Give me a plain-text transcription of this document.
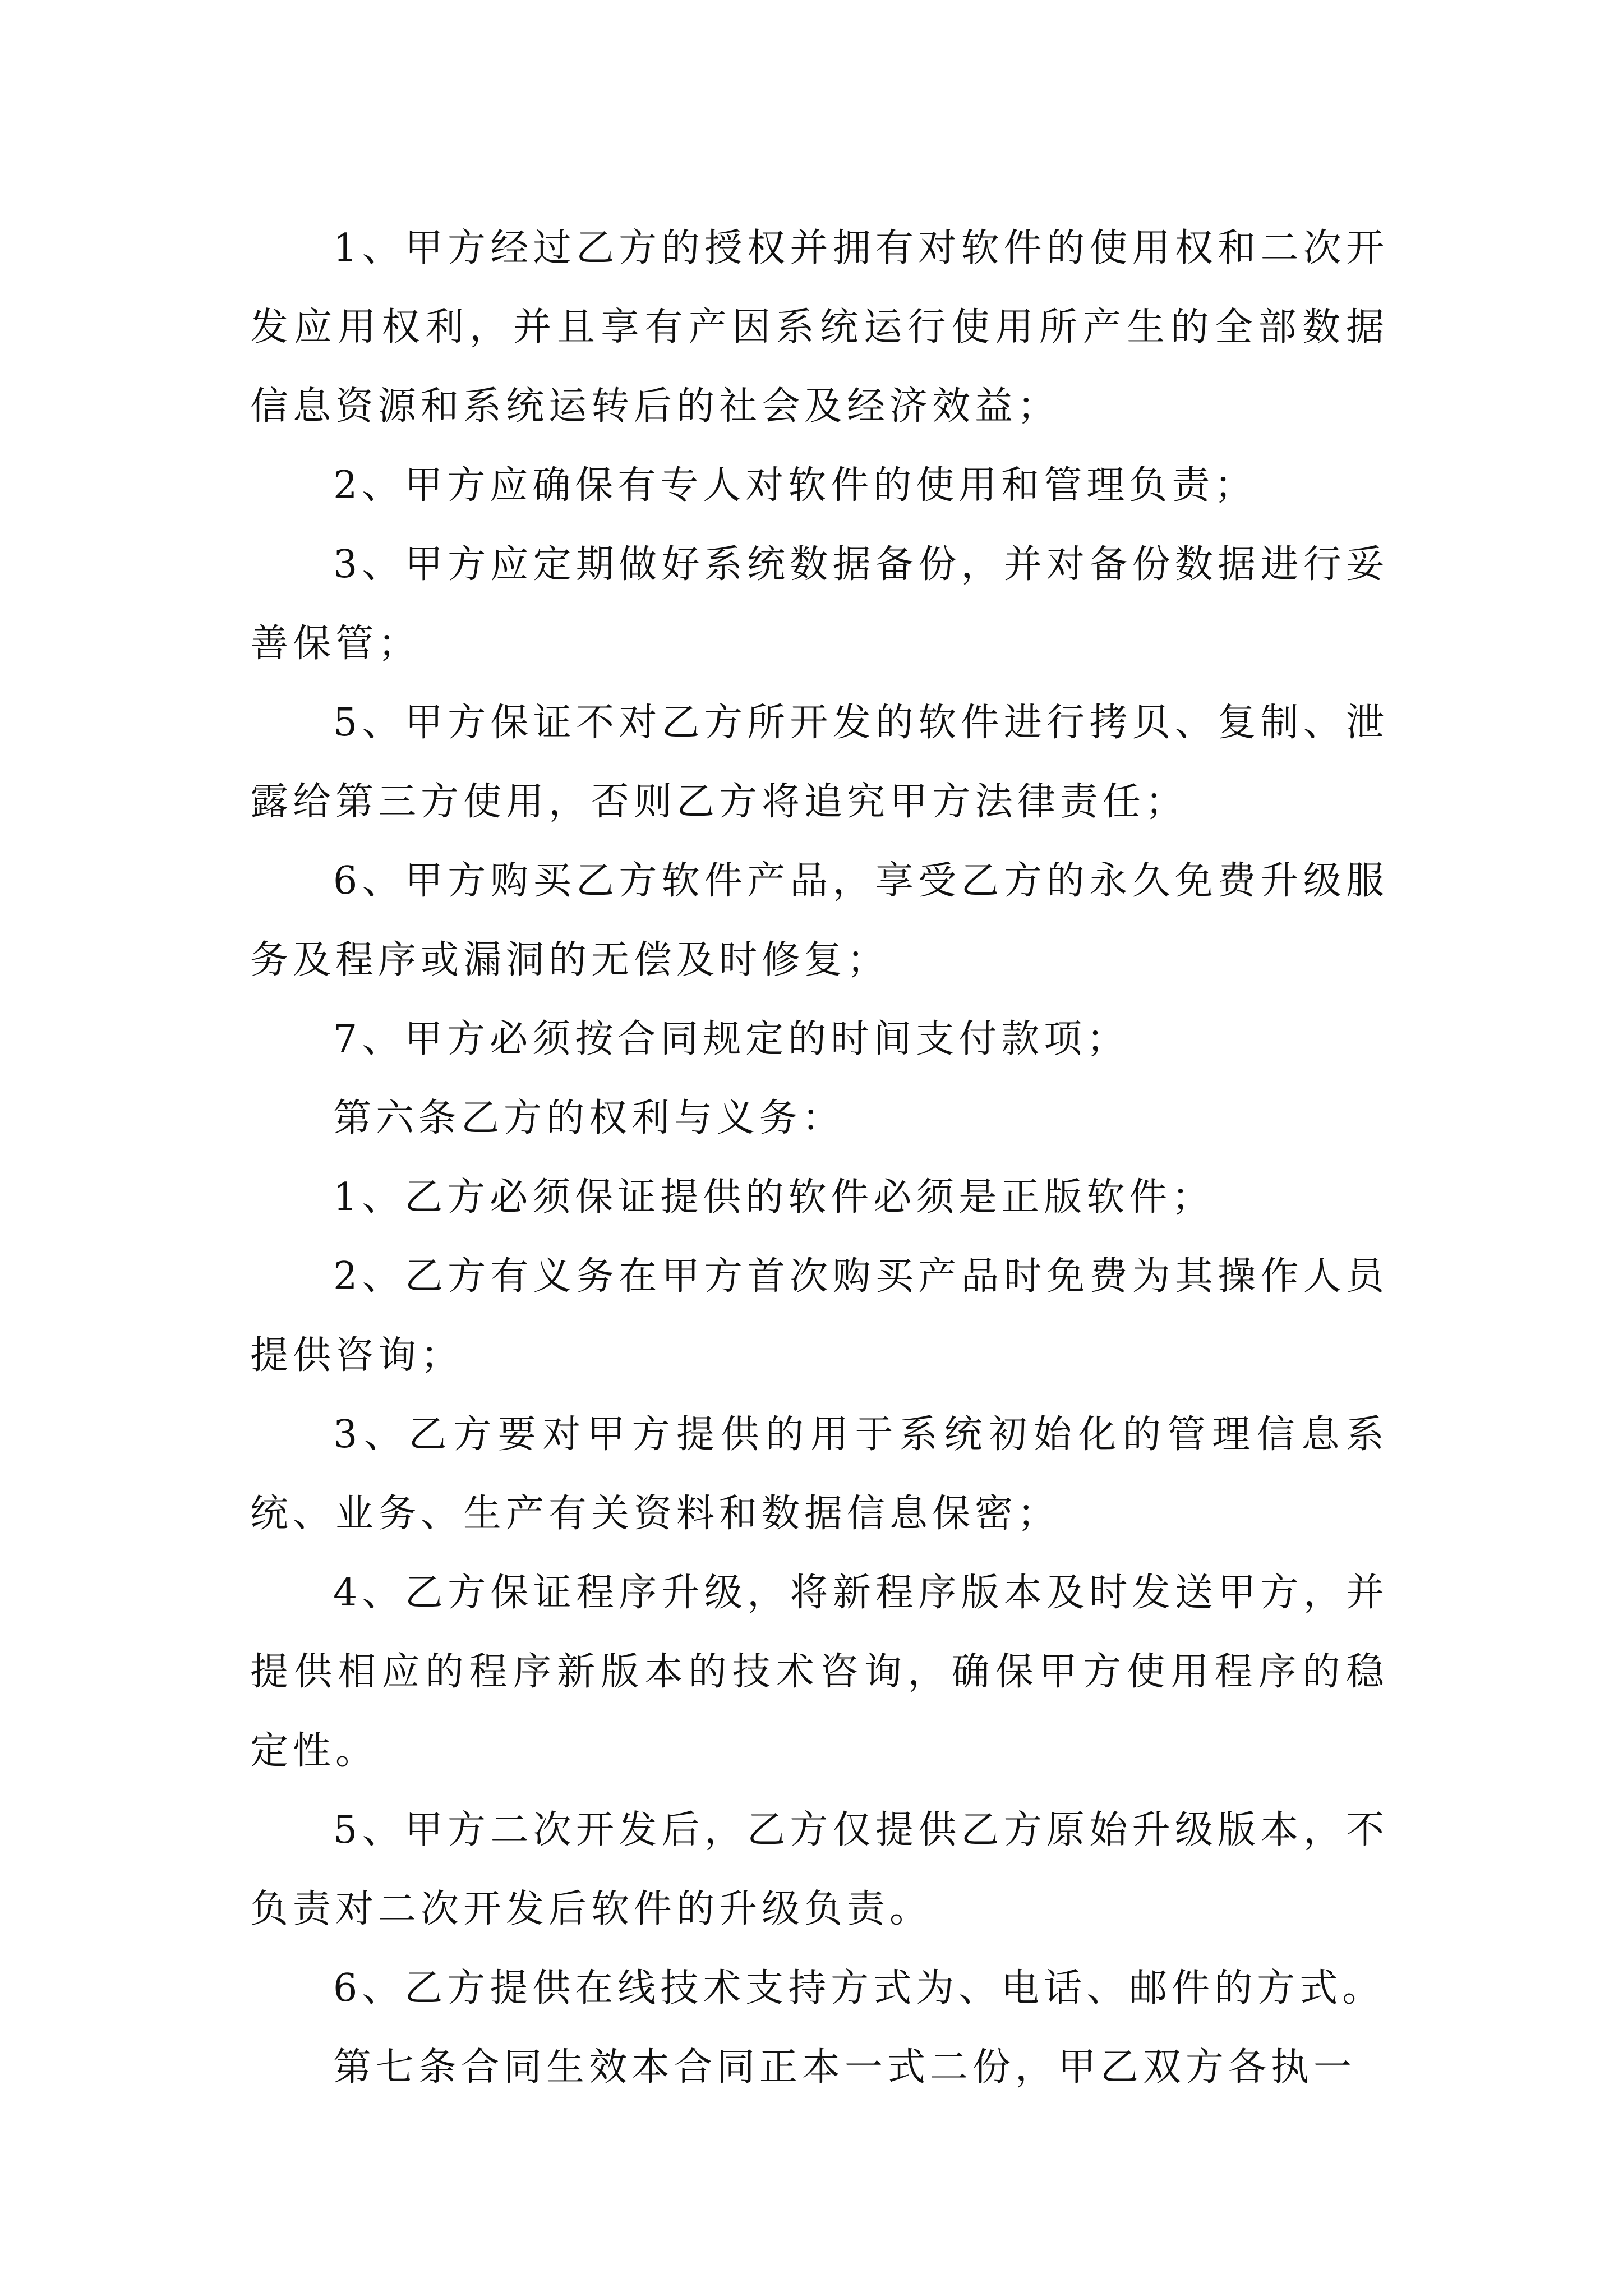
1、甲方经过乙方的授权并拥有对软件的使用权和二次开发应用权利，并且享有产因系统运行使用所产生的全部数据信息资源和系统运转后的社会及经济效益；

2、甲方应确保有专人对软件的使用和管理负责；

3、甲方应定期做好系统数据备份，并对备份数据进行妥善保管；

5、甲方保证不对乙方所开发的软件进行拷贝、复制、泄露给第三方使用，否则乙方将追究甲方法律责任；

6、甲方购买乙方软件产品，享受乙方的永久免费升级服务及程序或漏洞的无偿及时修复；

7、甲方必须按合同规定的时间支付款项；

第六条乙方的权利与义务：

1、乙方必须保证提供的软件必须是正版软件；

2、乙方有义务在甲方首次购买产品时免费为其操作人员提供咨询；

3、乙方要对甲方提供的用于系统初始化的管理信息系统、业务、生产有关资料和数据信息保密；

4、乙方保证程序升级，将新程序版本及时发送甲方，并提供相应的程序新版本的技术咨询，确保甲方使用程序的稳定性。

5、甲方二次开发后，乙方仅提供乙方原始升级版本，不负责对二次开发后软件的升级负责。

6、乙方提供在线技术支持方式为、电话、邮件的方式。

第七条合同生效本合同正本一式二份，甲乙双方各执一
